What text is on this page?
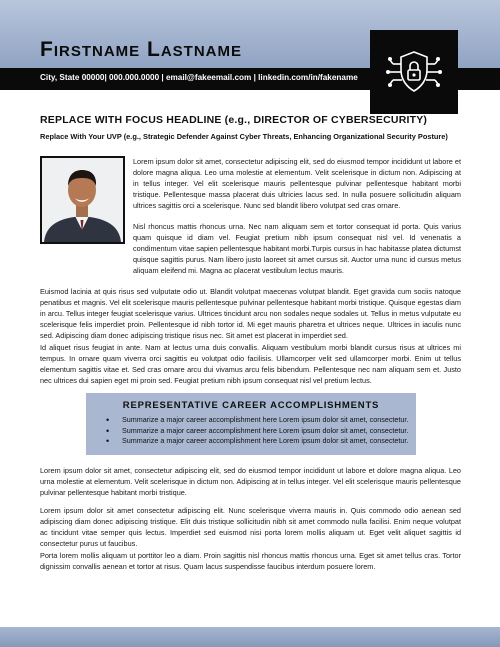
Firstname Lastname
City, State 00000| 000.000.0000 | email@fakeemail.com | linkedin.com/in/fakename
REPLACE WITH FOCUS HEADLINE (e.g., DIRECTOR OF CYBERSECURITY)
Replace With Your UVP (e.g., Strategic Defender Against Cyber Threats, Enhancing Organizational Security Posture)
Lorem ipsum dolor sit amet, consectetur adipiscing elit, sed do eiusmod tempor incididunt ut labore et dolore magna aliqua. Leo urna molestie at elementum. Velit scelerisque in dictum non. Adipiscing at in tellus integer. Vel elit scelerisque mauris pellentesque pulvinar pellentesque habitant morbi tristique. Pellentesque massa placerat duis ultricies lacus sed. In nulla posuere sollicitudin aliquam ultrices sagittis orci a scelerisque. Nunc sed blandit libero volutpat sed cras ornare.
Nisl rhoncus mattis rhoncus urna. Nec nam aliquam sem et tortor consequat id porta. Quis varius quam quisque id diam vel. Feugiat pretium nibh ipsum consequat nisl vel. Id venenatis a condimentum vitae sapien pellentesque habitant morbi.Turpis cursus in hac habitasse platea dictumst quisque sagittis purus. Nam libero justo laoreet sit amet cursus sit. Auctor urna nunc id cursus metus aliquam eleifend mi. Magna ac placerat vestibulum lectus mauris.
Euismod lacinia at quis risus sed vulputate odio ut. Blandit volutpat maecenas volutpat blandit. Eget gravida cum sociis natoque penatibus et magnis. Vel elit scelerisque mauris pellentesque pulvinar pellentesque habitant morbi tristique. Quisque egestas diam in arcu. Tellus integer feugiat scelerisque varius. Ultrices tincidunt arcu non sodales neque sodales ut. Tellus in metus vulputate eu scelerisque felis imperdiet proin. Pellentesque id nibh tortor id. Mi eget mauris pharetra et ultrices neque. Ultrices in iaculis nunc sed. Adipiscing diam donec adipiscing tristique risus nec. Sit amet est placerat in imperdiet sed.
Id aliquet risus feugiat in ante. Nam at lectus urna duis convallis. Aliquam vestibulum morbi blandit cursus risus at ultrices mi tempus. In ornare quam viverra orci sagittis eu volutpat odio facilisis. Ullamcorper velit sed ullamcorper morbi. Enim ut tellus elementum sagittis vitae et. Sed cras ornare arcu dui vivamus arcu felis bibendum. Pellentesque nec nam aliquam sem et. Justo nec ultrices dui sapien eget mi proin sed. Feugiat pretium nibh ipsum consequat nisl vel pretium lectus.
REPRESENTATIVE CAREER ACCOMPLISHMENTS
• Summarize a major career accomplishment here Lorem ipsum dolor sit amet, consectetur.
• Summarize a major career accomplishment here Lorem ipsum dolor sit amet, consectetur.
• Summarize a major career accomplishment here Lorem ipsum dolor sit amet, consectetur.
Lorem ipsum dolor sit amet, consectetur adipiscing elit, sed do eiusmod tempor incididunt ut labore et dolore magna aliqua. Leo urna molestie at elementum. Velit scelerisque in dictum non. Adipiscing at in tellus integer. Vel elit scelerisque mauris pellentesque pulvinar pellentesque habitant morbi tristique.
Lorem ipsum dolor sit amet consectetur adipiscing elit. Nunc scelerisque viverra mauris in. Quis commodo odio aenean sed adipiscing diam donec adipiscing tristique. Elit duis tristique sollicitudin nibh sit amet commodo nulla facilisi. Enim neque volutpat ac tincidunt vitae semper quis lectus. Imperdiet sed euismod nisi porta lorem mollis aliquam ut. Eget velit aliquet sagittis id consectetur purus ut faucibus.
Porta lorem mollis aliquam ut porttitor leo a diam. Proin sagittis nisl rhoncus mattis rhoncus urna. Eget sit amet tellus cras. Tortor dignissim convallis aenean et tortor at risus. Quam lacus suspendisse faucibus interdum posuere lorem.
